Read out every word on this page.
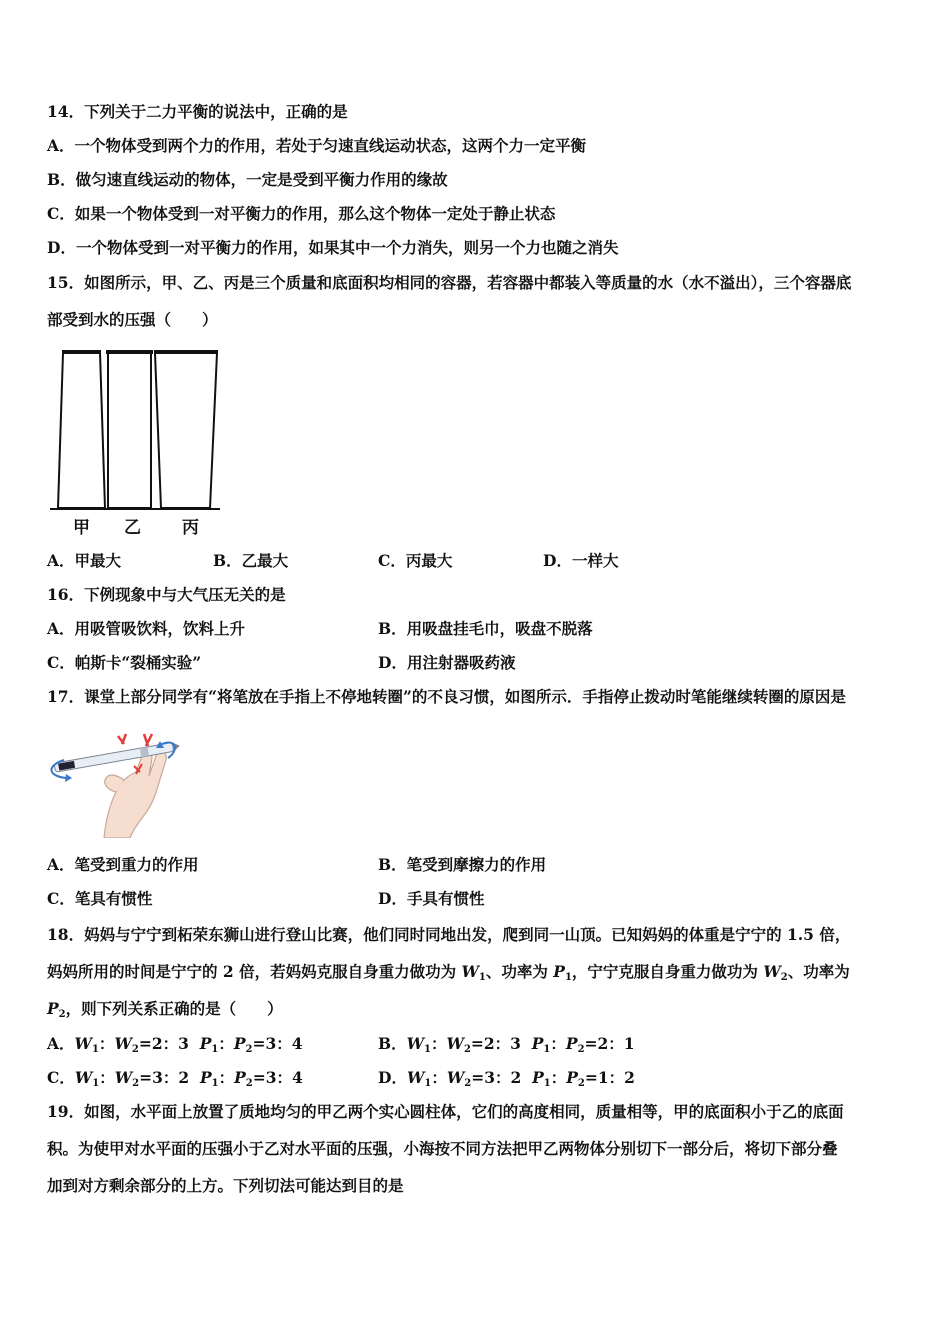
14．下列关于二力平衡的说法中，正确的是
A．一个物体受到两个力的作用，若处于匀速直线运动状态，这两个力一定平衡
B．做匀速直线运动的物体，一定是受到平衡力作用的缘故
C．如果一个物体受到一对平衡力的作用，那么这个物体一定处于静止状态
D．一个物体受到一对平衡力的作用，如果其中一个力消失，则另一个力也随之消失
15．如图所示，甲、乙、丙是三个质量和底面积均相同的容器，若容器中都装入等质量的水（水不溢出），三个容器底
部受到水的压强（　　）
甲 乙 丙
A．甲最大	B．乙最大	C．丙最大	D．一样大
16．下例现象中与大气压无关的是
A．用吸管吸饮料，饮料上升	B．用吸盘挂毛巾，吸盘不脱落
C．帕斯卡“裂桶实验”	D．用注射器吸药液
17．课堂上部分同学有“将笔放在手指上不停地转圈”的不良习惯，如图所示．手指停止拨动时笔能继续转圈的原因是
A．笔受到重力的作用	B．笔受到摩擦力的作用
C．笔具有惯性	D．手具有惯性
18．妈妈与宁宁到柘荣东狮山进行登山比赛，他们同时同地出发，爬到同一山顶。已知妈妈的体重是宁宁的 1.5 倍，
妈妈所用的时间是宁宁的 2 倍，若妈妈克服自身重力做功为 $W_1$、功率为 $P_1$，宁宁克服自身重力做功为 $W_2$、功率为
$P_2$，则下列关系正确的是（　　）
A．$W_1$：$W_2=2$：3 $P_1$：$P_2=3$：4	B．$W_1$：$W_2=2$：3 $P_1$：$P_2=2$：1
C．$W_1$：$W_2=3$：2 $P_1$：$P_2=3$：4	D．$W_1$：$W_2=3$：2 $P_1$：$P_2=1$：2
19．如图，水平面上放置了质地均匀的甲乙两个实心圆柱体，它们的高度相同，质量相等，甲的底面积小于乙的底面
积。为使甲对水平面的压强小于乙对水平面的压强，小海按不同方法把甲乙两物体分别切下一部分后，将切下部分叠
加到对方剩余部分的上方。下列切法可能达到目的是
